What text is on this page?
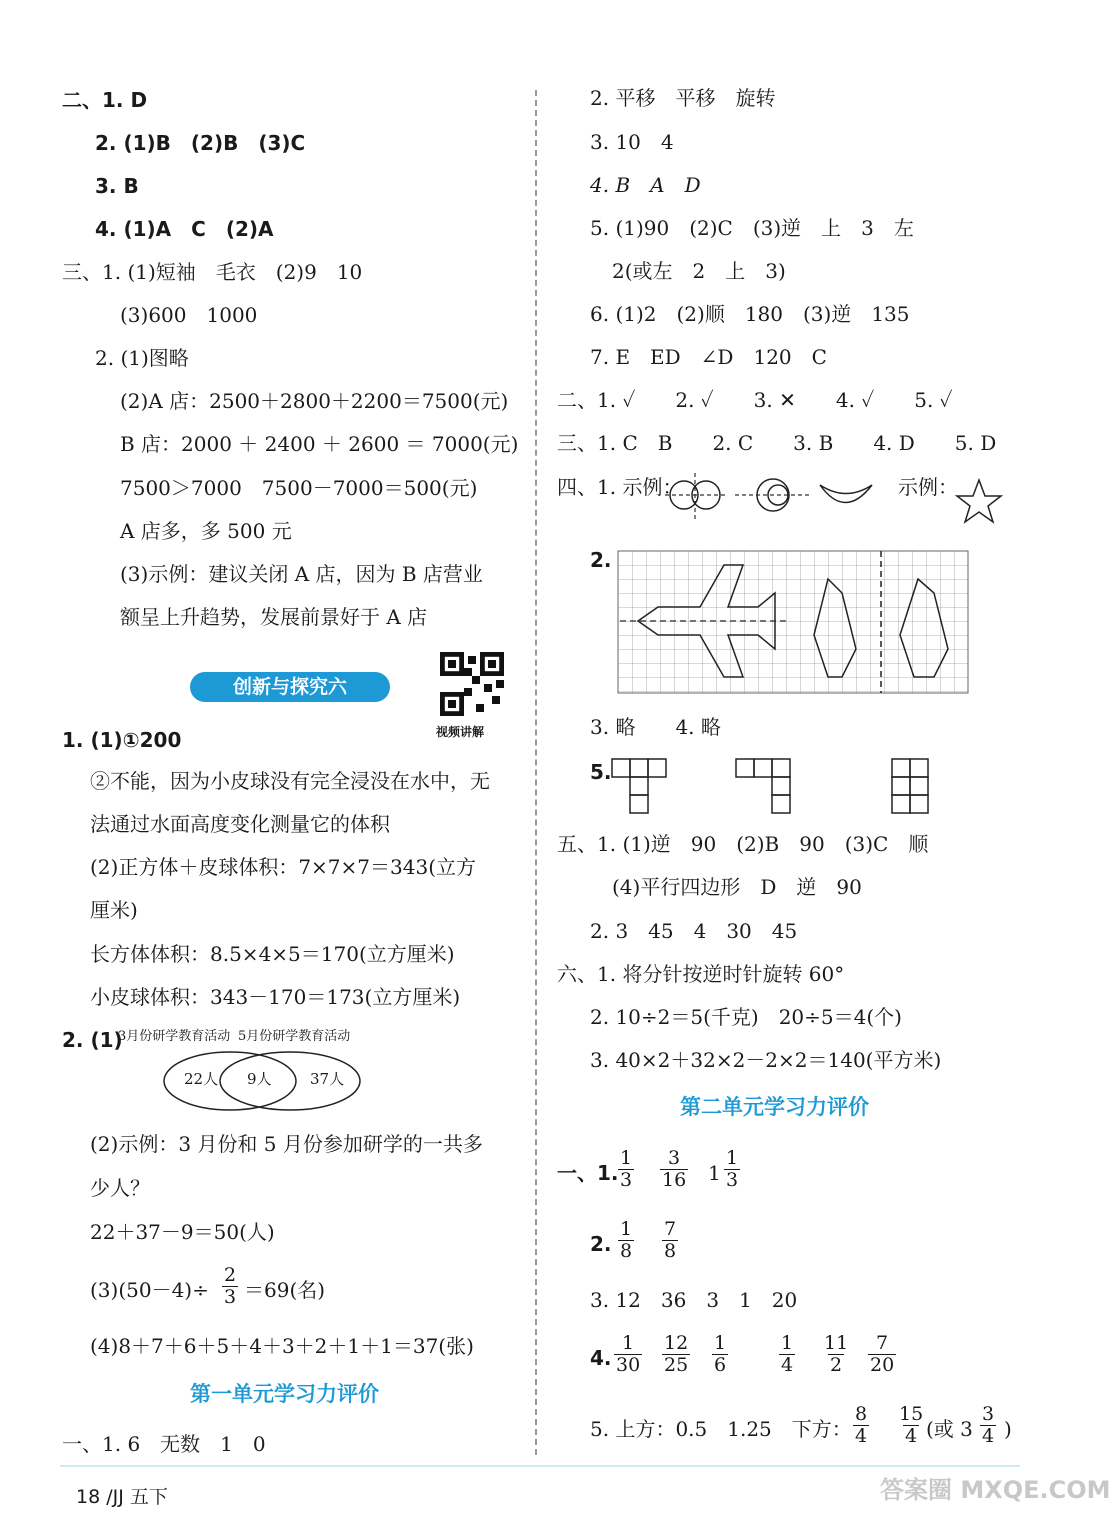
二、1. D
2. (1)B　(2)B　(3)C
3. B
4. (1)A　C　(2)A
三、1. (1)短袖　毛衣　(2)9　10
(3)600　1000
2. (1)图略
(2)A 店：2500＋2800＋2200＝7500(元)
B 店：2000 ＋ 2400 ＋ 2600 ＝ 7000(元)
7500＞7000　7500－7000＝500(元)
A 店多，多 500 元
(3)示例：建议关闭 A 店，因为 B 店营业
额呈上升趋势，发展前景好于 A 店
创新与探究六
视频讲解
1. (1)①200
②不能，因为小皮球没有完全浸没在水中，无
法通过水面高度变化测量它的体积
(2)正方体＋皮球体积：7×7×7＝343(立方
厘米)
长方体体积：8.5×4×5＝170(立方厘米)
小皮球体积：343－170＝173(立方厘米)
2. (1)
3月份研学教育活动 5月份研学教育活动
22人 9人	37人
(2)示例：3 月份和 5 月份参加研学的一共多
少人？
22＋37－9＝50(人)
$(3)(50-4)\div \frac{2}{3} =69$(名)
(4)8＋7＋6＋5＋4＋3＋2＋1＋1＝37(张)
第一单元学习力评价
一、1. 6　无数　1　0
2. 平移　平移　旋转
3. 10　4
4. B　A　D
5. (1)90　(2)C　(3)逆　上　3　左
2(或左　2　上　3)
6. (1)2　(2)顺　180　(3)逆　135
7. E　ED　∠D　120　C
二、1. ✓　　2. ✓　　3. ✕　　4. ✓　　5. ✓
三、1. C　B　　2. C　　3. B　　4. D　　5. D
四、1. 示例：	示例：
2.
3. 略　　4. 略
5.
五、1. (1)逆　90　(2)B　90　(3)C　顺
(4)平行四边形　D　逆　90
2. 3　45　4　30　45
六、1. 将分针按逆时针旋转 60°
2. 10÷2＝5(千克)　20÷5＝4(个)
3. 40×2＋32×2－2×2＝140(平方米)
第二单元学习力评价
一、1. $\frac{1}{3} \frac{3}{16} 1 \frac{1}{3}$
2. $\frac{1}{8} \frac{7}{8}$
3. 12　36　3　1　20
4. $\frac{1}{30} \frac{12}{25} \frac{1}{6}$	$\frac{1}{4} \frac{11}{2} \frac{7}{20}$
5. 上方：0.5　1.25　下方： $\frac{8}{4} \frac{15}{4}$ (或 $3 \frac{3}{4}$ )
18 /JJ 五下	答案圈 MXQE.COM
